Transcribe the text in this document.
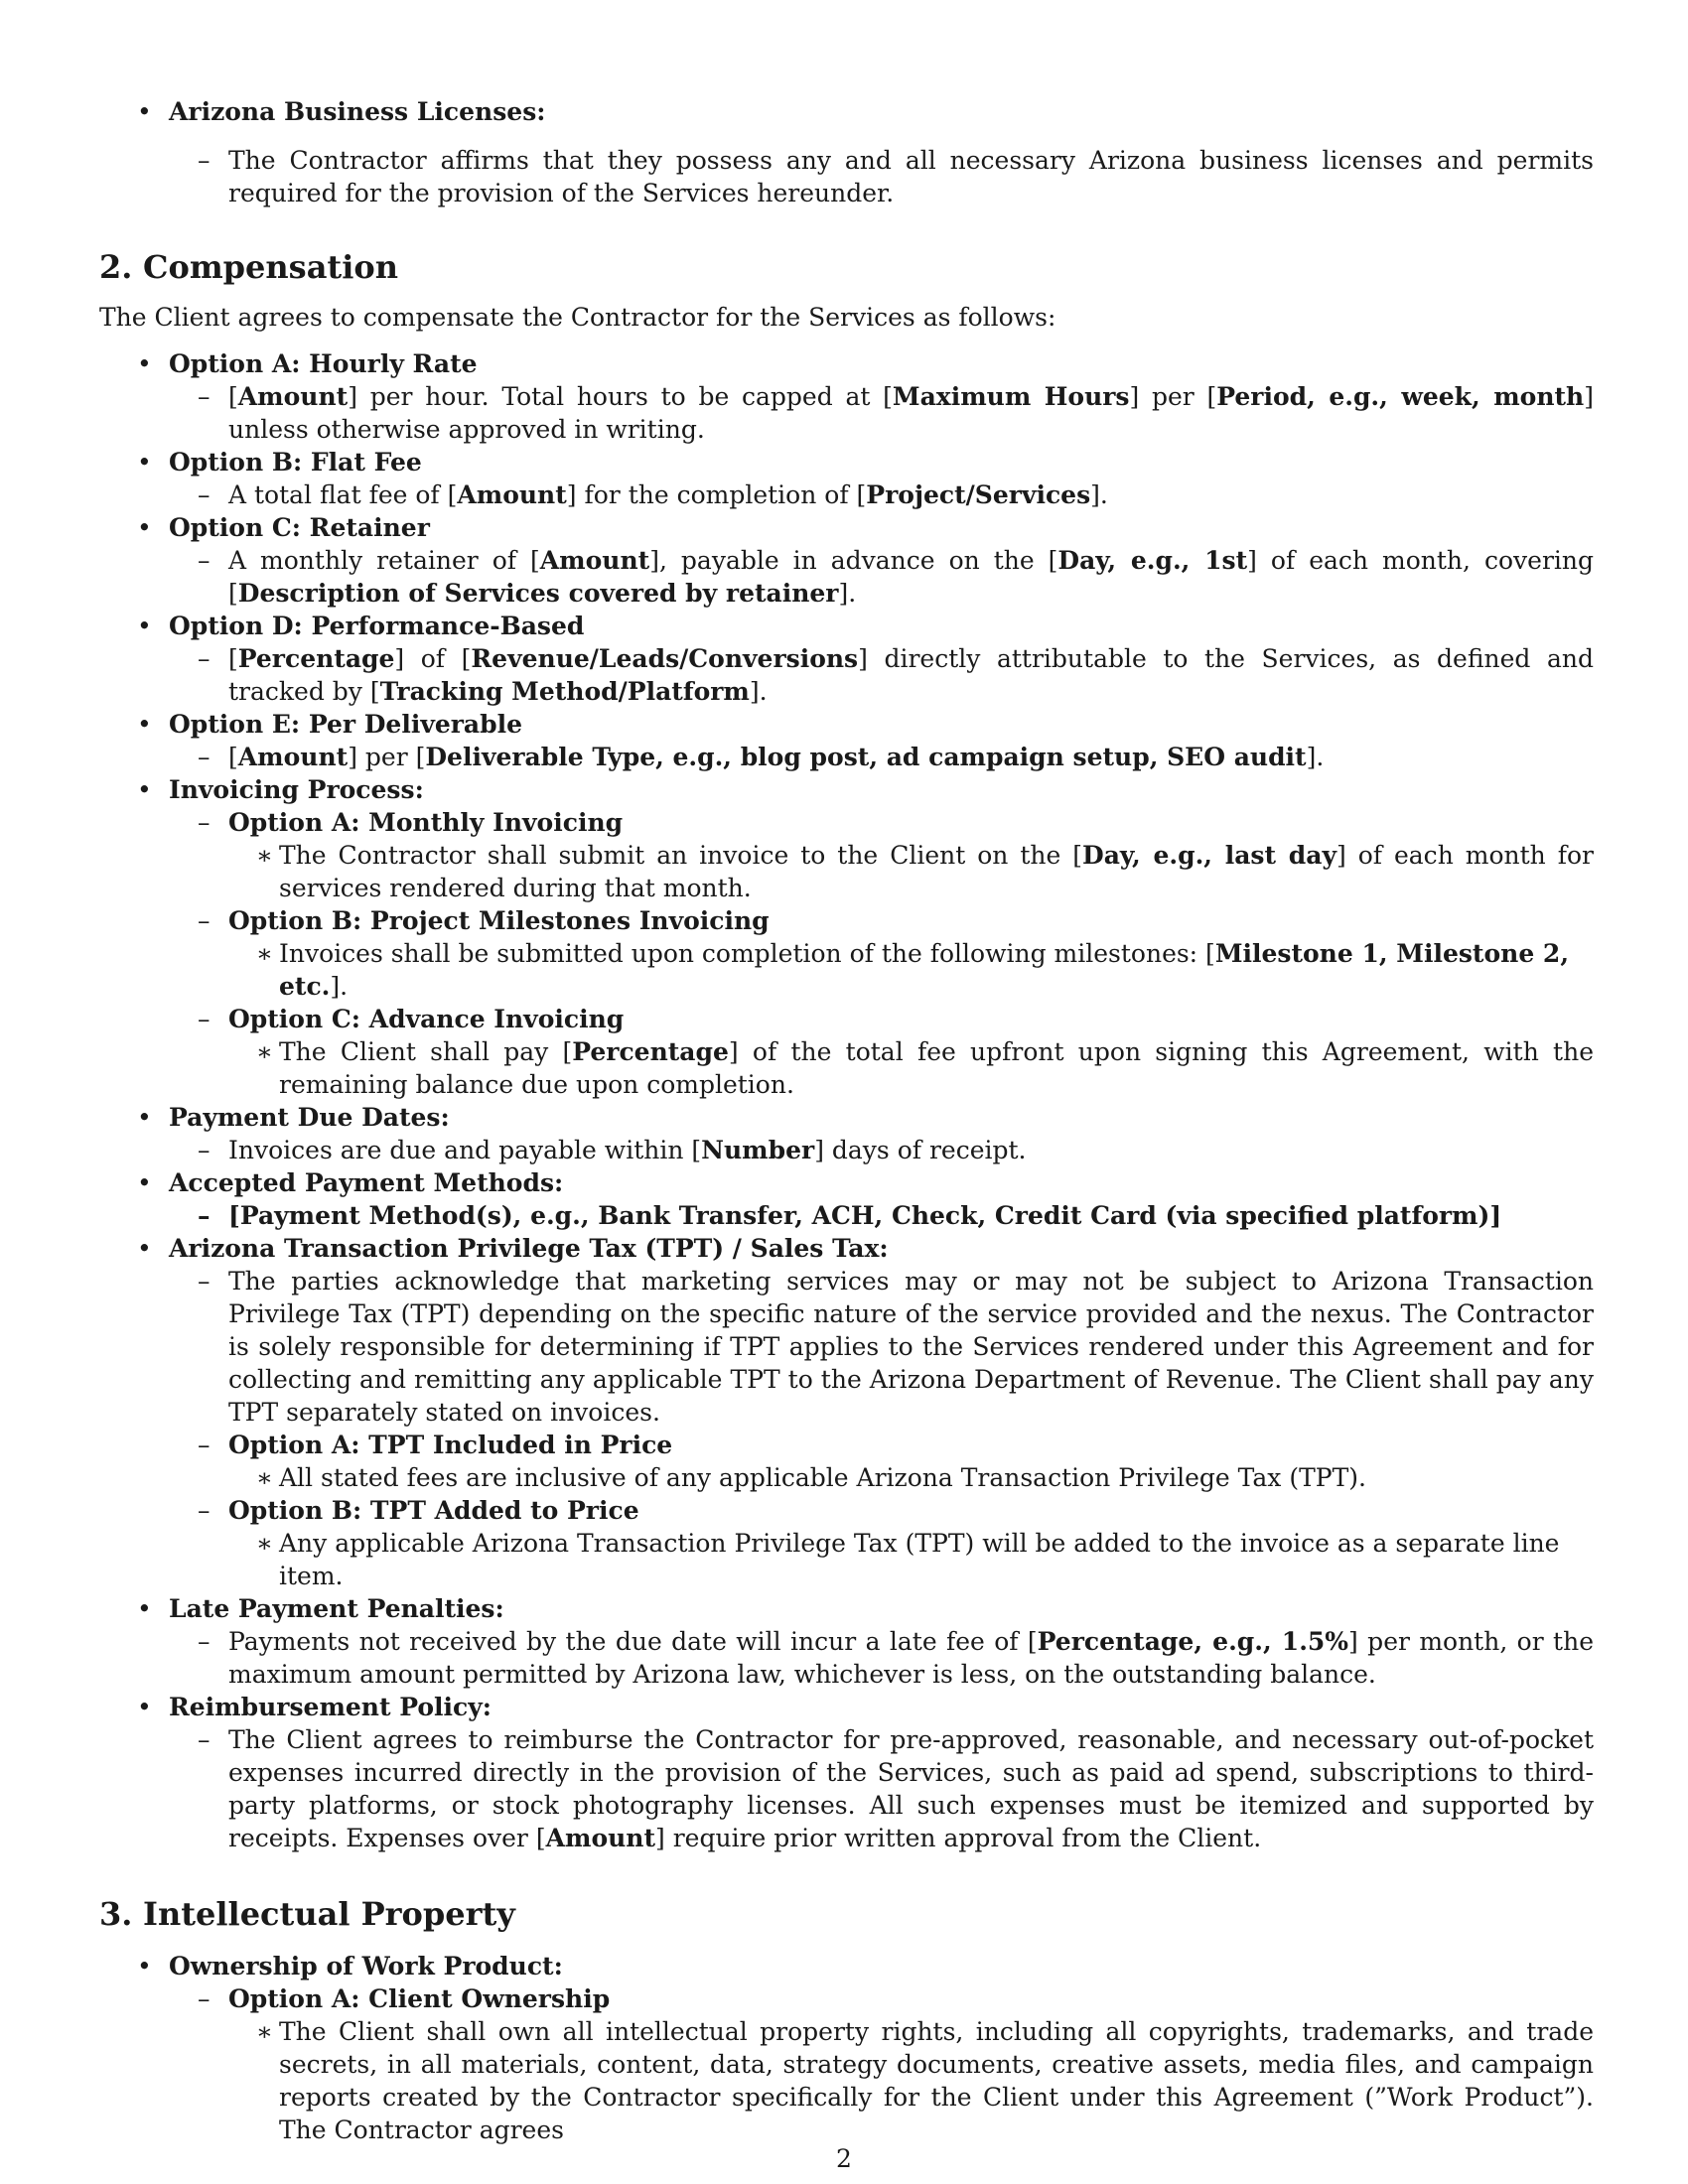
• Arizona Business Licenses:
– The Contractor affirms that they possess any and all necessary Arizona business licenses and permits required for the provision of the Services hereunder.
2. Compensation
The Client agrees to compensate the Contractor for the Services as follows:
• Option A: Hourly Rate
– [Amount] per hour. Total hours to be capped at [Maximum Hours] per [Period, e.g., week, month] unless otherwise approved in writing.
• Option B: Flat Fee
– A total flat fee of [Amount] for the completion of [Project/Services].
• Option C: Retainer
– A monthly retainer of [Amount], payable in advance on the [Day, e.g., 1st] of each month, covering [Description of Services covered by retainer].
• Option D: Performance-Based
– [Percentage] of [Revenue/Leads/Conversions] directly attributable to the Services, as defined and tracked by [Tracking Method/Platform].
• Option E: Per Deliverable
– [Amount] per [Deliverable Type, e.g., blog post, ad campaign setup, SEO audit].
• Invoicing Process:
– Option A: Monthly Invoicing
∗ The Contractor shall submit an invoice to the Client on the [Day, e.g., last day] of each month for services rendered during that month.
– Option B: Project Milestones Invoicing
∗ Invoices shall be submitted upon completion of the following milestones: [Milestone 1, Milestone 2, etc.].
– Option C: Advance Invoicing
∗ The Client shall pay [Percentage] of the total fee upfront upon signing this Agreement, with the remaining balance due upon completion.
• Payment Due Dates:
– Invoices are due and payable within [Number] days of receipt.
• Accepted Payment Methods:
– [Payment Method(s), e.g., Bank Transfer, ACH, Check, Credit Card (via specified platform)]
• Arizona Transaction Privilege Tax (TPT) / Sales Tax:
– The parties acknowledge that marketing services may or may not be subject to Arizona Transaction Privilege Tax (TPT) depending on the specific nature of the service provided and the nexus. The Contractor is solely responsible for determining if TPT applies to the Services rendered under this Agreement and for collecting and remitting any applicable TPT to the Arizona Department of Revenue. The Client shall pay any TPT separately stated on invoices.
– Option A: TPT Included in Price
∗ All stated fees are inclusive of any applicable Arizona Transaction Privilege Tax (TPT).
– Option B: TPT Added to Price
∗ Any applicable Arizona Transaction Privilege Tax (TPT) will be added to the invoice as a separate line item.
• Late Payment Penalties:
– Payments not received by the due date will incur a late fee of [Percentage, e.g., 1.5%] per month, or the maximum amount permitted by Arizona law, whichever is less, on the outstanding balance.
• Reimbursement Policy:
– The Client agrees to reimburse the Contractor for pre-approved, reasonable, and necessary out-of-pocket expenses incurred directly in the provision of the Services, such as paid ad spend, subscriptions to third-party platforms, or stock photography licenses. All such expenses must be itemized and supported by receipts. Expenses over [Amount] require prior written approval from the Client.
3. Intellectual Property
• Ownership of Work Product:
– Option A: Client Ownership
∗ The Client shall own all intellectual property rights, including all copyrights, trademarks, and trade secrets, in all materials, content, data, strategy documents, creative assets, media files, and campaign reports created by the Contractor specifically for the Client under this Agreement (”Work Product”). The Contractor agrees
2
